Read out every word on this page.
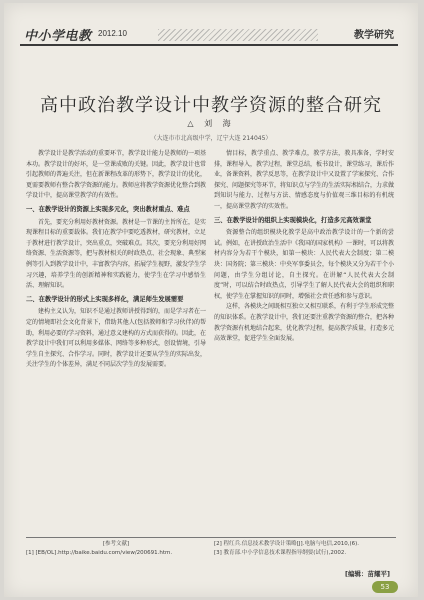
中小学电教 2012.10	教学研究
高中政治教学设计中教学资源的整合研究
△ 刘 海
（大连市市北高级中学，辽宁大连 214045）

教学设计是教学活动的重要环节，教学设计能力是教师的一项基本功。教学设计的好坏，是一堂课成败的关键。因此，教学设计也常引起教师的普遍关注，但在新课程改革的形势下，教学设计的优化，更需要教师有整合教学资源的能力。教师应将教学资源优化整合到教学设计中，提高课堂教学的有效性。

一、在教学设计的资源上实现多元化，突出教材重点、难点

首先，要充分利用好教材资源。教材是一节课的主旨所在，是实现课程目标的重要载体。我们在教学中要吃透教材，研究教材，立足于教材进行教学设计，突出重点，突破难点。其次，要充分利用好网络资源、生活资源等，把与教材相关的时政热点、社会现象、典型案例等引入到教学设计中，丰富教学内容，拓展学生视野，激发学生学习兴趣，培养学生的创新精神和实践能力，使学生在学习中感悟生活、理解知识。

二、在教学设计的形式上实现多样化，满足师生发展需要

建构主义认为，知识不是通过教师讲授得到的，而是学习者在一定的情境即社会文化背景下，借助其他人(包括教师和学习伙伴)的帮助，利用必要的学习资料，通过意义建构的方式而获得的。因此，在教学设计中我们可以利用多媒体、网络等多种形式，创设情境，引导学生自主探究、合作学习。同时，教学设计还要从学生的实际出发，关注学生的个体差异，满足不同层次学生的发展需要。

情目标，教学重点、教学难点，教学方法，教具准备，学时安排，课程导入，教学过程，课堂总结，板书设计，课堂练习，课后作业，备课资料，教学反思等，在教学设计中又设置了学案探究、合作探究、问题探究等环节，将知识点与学生的生活实际相结合，力求做到知识与能力、过程与方法、情感态度与价值观三维目标的有机统一，提高课堂教学的实效性。

三、在教学设计的组织上实现模块化，打造多元高效课堂

资源整合的组织模块化教学是高中政治教学设计的一个新的尝试。例如，在讲授政治生活中《我国的国家机构》一课时，可以将教材内容分为若干个模块，如第一模块：人民代表大会制度；第二模块：国务院；第三模块：中央军事委员会，每个模块又分为若干个小问题，由学生分组讨论，自主探究。在讲解“人民代表大会制度”时，可以结合时政热点，引导学生了解人民代表大会的组织和职权，使学生在掌握知识的同时，增强社会责任感和参与意识。

这样，各模块之间既相互独立又相互联系，有利于学生形成完整的知识体系。在教学设计中，我们还要注重教学资源的整合，把各种教学资源有机地结合起来，优化教学过程，提高教学质量，打造多元高效课堂，促进学生全面发展。

[参考文献]
[1] [EB/OL].http://baike.baidu.com/view/200691.htm.
[2] 程红兵.信息技术教学设计策略[J].电脑与电信,2010,(6).
[3] 教育部.中小学信息技术课程指导纲要(试行),2002.
[编辑：苗耀平]
53
